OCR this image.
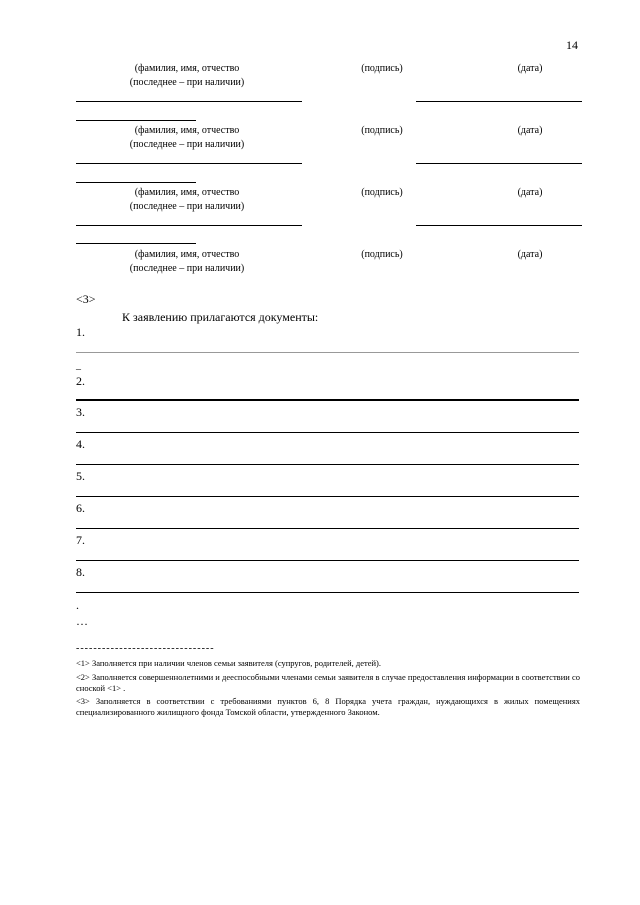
14
(фамилия, имя, отчество
(последнее – при наличии)
(подпись)	(дата)
(фамилия, имя, отчество
(последнее – при наличии)
(подпись)	(дата)
(фамилия, имя, отчество
(последнее – при наличии)
(подпись)	(дата)
(фамилия, имя, отчество
(последнее – при наличии)
(подпись)	(дата)
<3>
К заявлению прилагаются документы:
1.
_
2.
3.
4.
5.
6.
7.
8.
.
…
--------------------------------
<1> Заполняется при наличии членов семьи заявителя (супругов, родителей, детей).
<2> Заполняется совершеннолетними и дееспособными членами семьи заявителя в случае предоставления информации в соответствии со сноской <1> .
<3> Заполняется в соответствии с требованиями пунктов 6, 8 Порядка учета граждан, нуждающихся в жилых помещениях специализированного жилищного фонда Томской области, утвержденного Законом.
